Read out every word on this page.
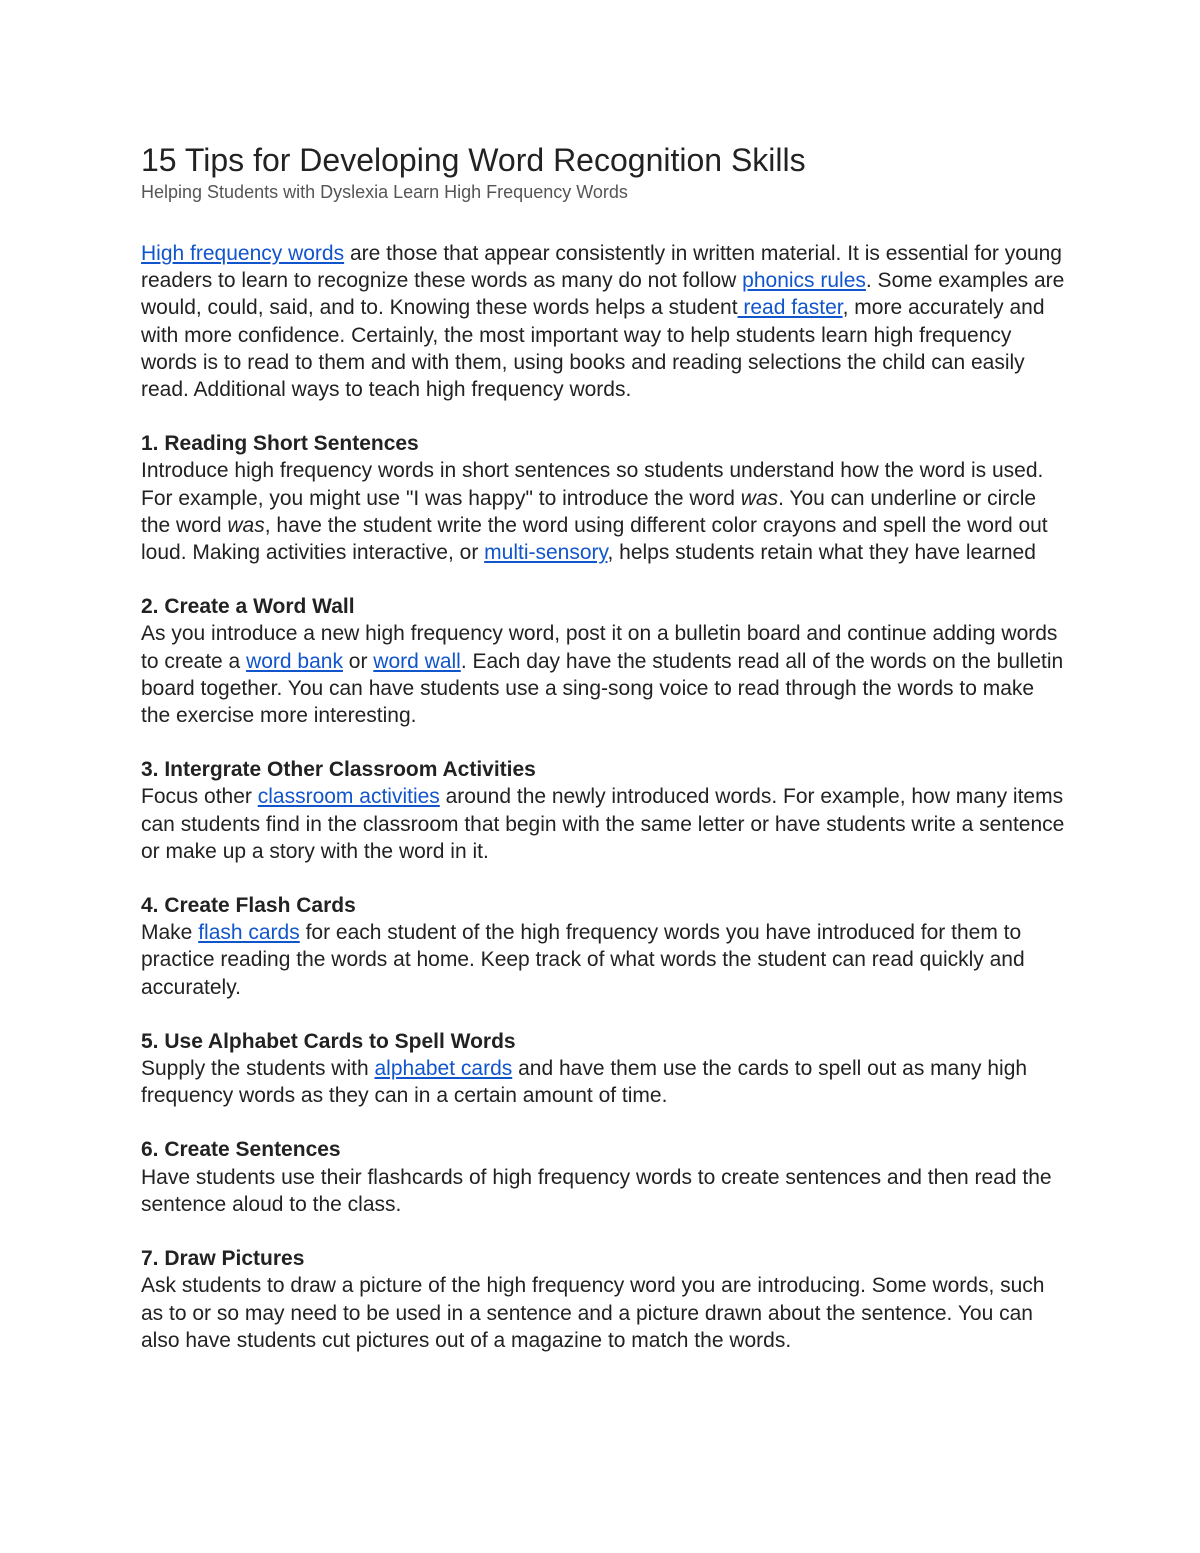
15 Tips for Developing Word Recognition Skills

Helping Students with Dyslexia Learn High Frequency Words

High frequency words are those that appear consistently in written material. It is essential for young readers to learn to recognize these words as many do not follow phonics rules. Some examples are would, could, said, and to. Knowing these words helps a student read faster, more accurately and with more confidence. Certainly, the most important way to help students learn high frequency words is to read to them and with them, using books and reading selections the child can easily read. Additional ways to teach high frequency words.

1. Reading Short Sentences

Introduce high frequency words in short sentences so students understand how the word is used. For example, you might use "I was happy" to introduce the word was. You can underline or circle the word was, have the student write the word using different color crayons and spell the word out loud. Making activities interactive, or multi-sensory, helps students retain what they have learned

2. Create a Word Wall

As you introduce a new high frequency word, post it on a bulletin board and continue adding words to create a word bank or word wall. Each day have the students read all of the words on the bulletin board together. You can have students use a sing-song voice to read through the words to make the exercise more interesting.

3. Intergrate Other Classroom Activities

Focus other classroom activities around the newly introduced words. For example, how many items can students find in the classroom that begin with the same letter or have students write a sentence or make up a story with the word in it.

4. Create Flash Cards

Make flash cards for each student of the high frequency words you have introduced for them to practice reading the words at home. Keep track of what words the student can read quickly and accurately.

5. Use Alphabet Cards to Spell Words

Supply the students with alphabet cards and have them use the cards to spell out as many high frequency words as they can in a certain amount of time.

6. Create Sentences

Have students use their flashcards of high frequency words to create sentences and then read the sentence aloud to the class.

7. Draw Pictures

Ask students to draw a picture of the high frequency word you are introducing. Some words, such as to or so may need to be used in a sentence and a picture drawn about the sentence. You can also have students cut pictures out of a magazine to match the words.
